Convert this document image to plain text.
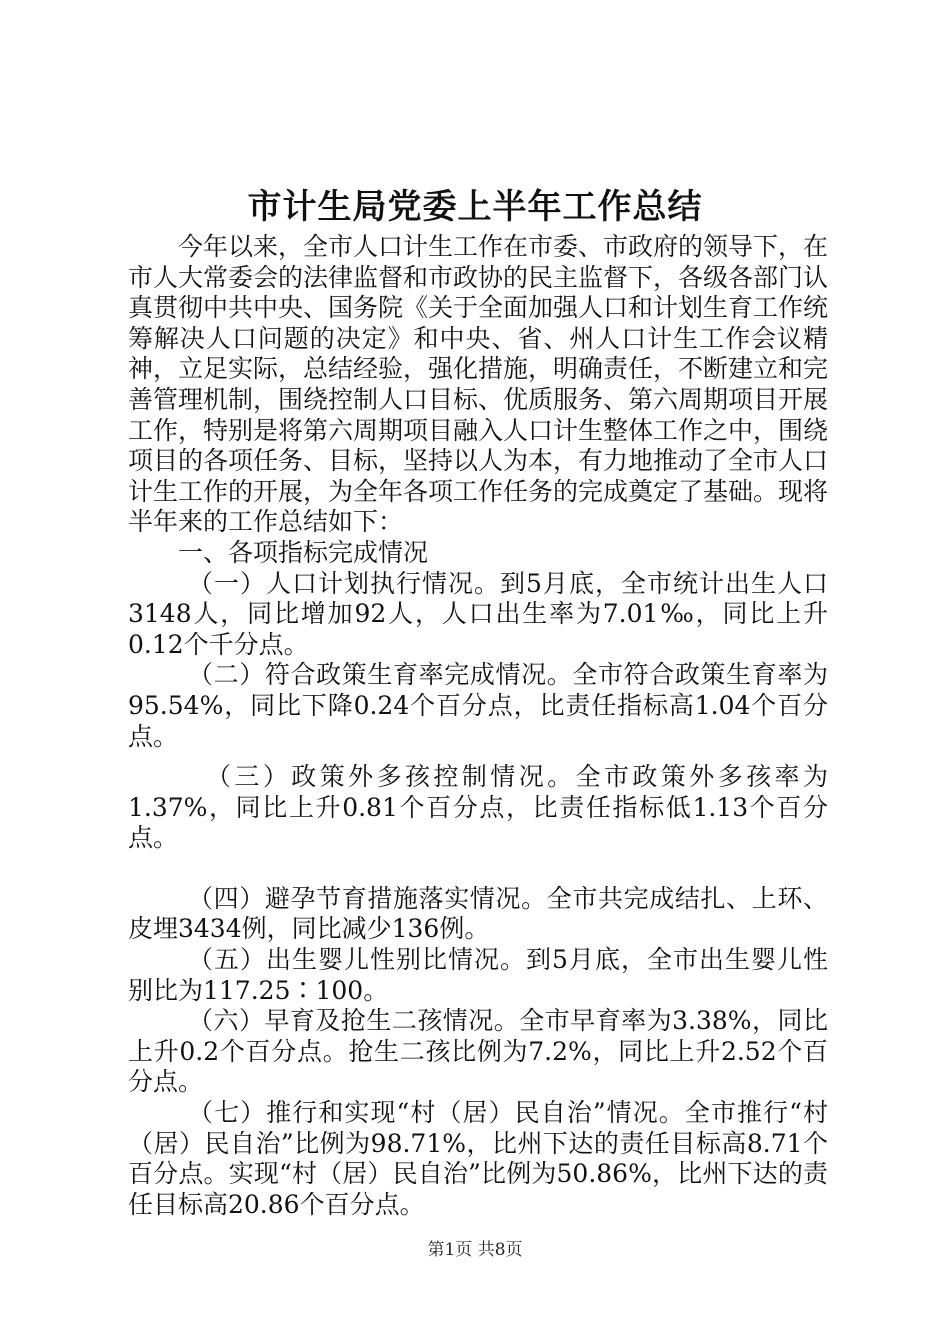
市计生局党委上半年工作总结

今年以来，全市人口计生工作在市委、市政府的领导下，在市人大常委会的法律监督和市政协的民主监督下，各级各部门认真贯彻中共中央、国务院《关于全面加强人口和计划生育工作统筹解决人口问题的决定》和中央、省、州人口计生工作会议精神，立足实际，总结经验，强化措施，明确责任，不断建立和完善管理机制，围绕控制人口目标、优质服务、第六周期项目开展工作，特别是将第六周期项目融入人口计生整体工作之中，围绕项目的各项任务、目标，坚持以人为本，有力地推动了全市人口计生工作的开展，为全年各项工作任务的完成奠定了基础。现将半年来的工作总结如下：

一、各项指标完成情况

（一）人口计划执行情况。到5月底，全市统计出生人口3148人，同比增加92人，人口出生率为7.01‰，同比上升0.12个千分点。

（二）符合政策生育率完成情况。全市符合政策生育率为95.54%，同比下降0.24个百分点，比责任指标高1.04个百分点。

（三）政策外多孩控制情况。全市政策外多孩率为1.37%，同比上升0.81个百分点，比责任指标低1.13个百分点。

（四）避孕节育措施落实情况。全市共完成结扎、上环、皮埋3434例，同比减少136例。

（五）出生婴儿性别比情况。到5月底，全市出生婴儿性别比为117.25∶100。

（六）早育及抢生二孩情况。全市早育率为3.38%，同比上升0.2个百分点。抢生二孩比例为7.2%，同比上升2.52个百分点。

（七）推行和实现“村（居）民自治”情况。全市推行“村（居）民自治”比例为98.71%，比州下达的责任目标高8.71个百分点。实现“村（居）民自治”比例为50.86%，比州下达的责任目标高20.86个百分点。

第1页 共8页
